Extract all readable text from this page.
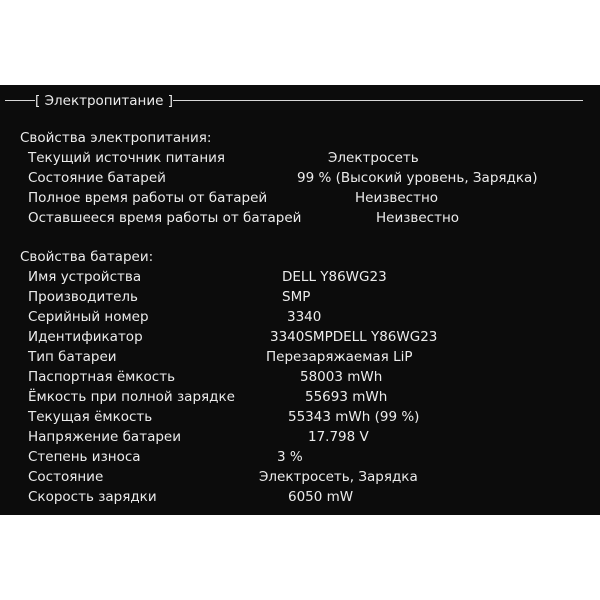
[ Электропитание ]
Свойства электропитания:
Текущий источник питания	Электросеть
Состояние батарей	99 % (Высокий уровень, Зарядка)
Полное время работы от батарей	Неизвестно
Оставшееся время работы от батарей	Неизвестно
Свойства батареи:
Имя устройства	DELL Y86WG23
Производитель	SMP
Серийный номер	3340
Идентификатор	3340SMPDELL Y86WG23
Тип батареи	Перезаряжаемая LiP
Паспортная ёмкость	58003 mWh
Ёмкость при полной зарядке	55693 mWh
Текущая ёмкость	55343 mWh (99 %)
Напряжение батареи	17.798 V
Степень износа	3 %
Состояние	Электросеть, Зарядка
Скорость зарядки	6050 mW
